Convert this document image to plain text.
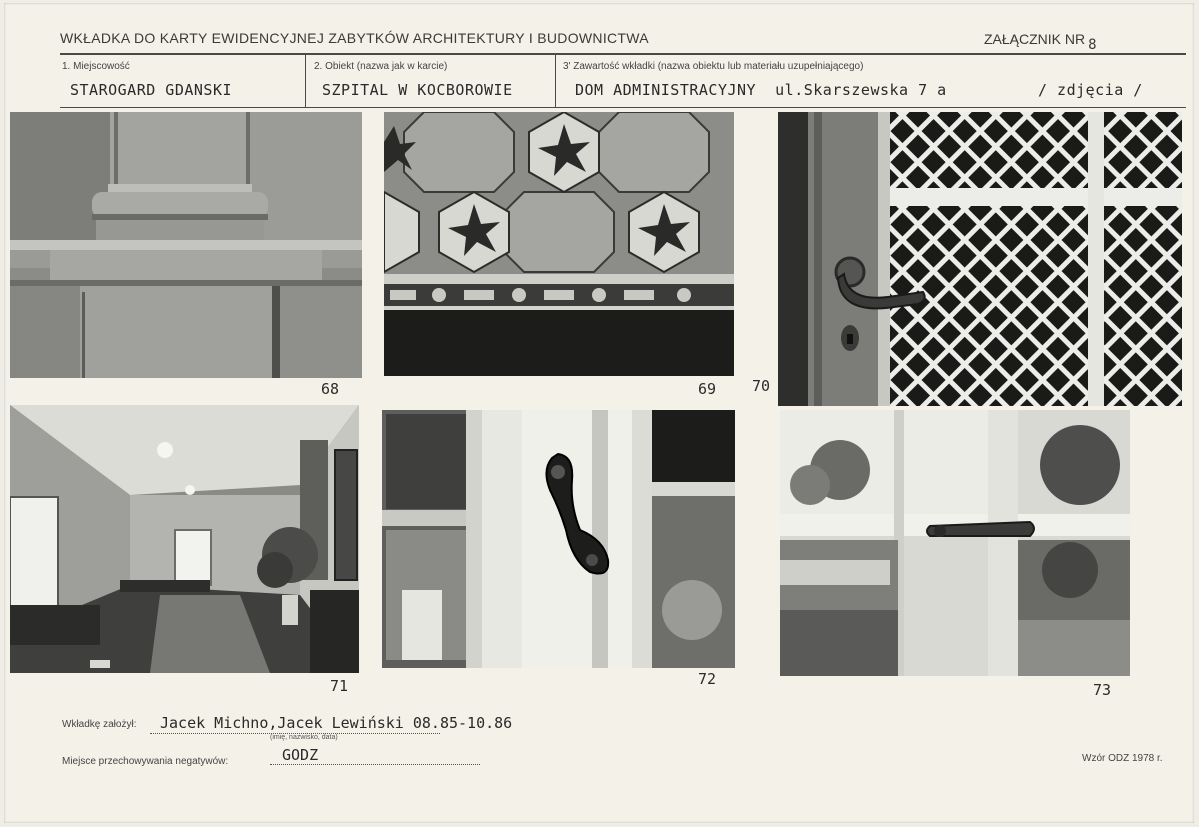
WKŁADKA DO KARTY EWIDENCYJNEJ ZABYTKÓW ARCHITEKTURY I BUDOWNICTWA	ZAŁĄCZNIK NR 8
1. Miejscowość
STAROGARD GDANSKI
2. Obiekt (nazwa jak w karcie)
SZPITAL W KOCBOROWIE
3' Zawartość wkładki (nazwa obiektu lub materiału uzupełniającego)
DOM ADMINISTRACYJNY  ul.Skarszewska 7 a	/ zdjęcia /
68	69 70
71	72
73
Wkładkę założył: Jacek Michno,Jacek Lewiński 08.85-10.86
(imię, nazwisko, data)
Miejsce przechowywania negatywów:	GODZ	Wzór ODZ 1978 r.
